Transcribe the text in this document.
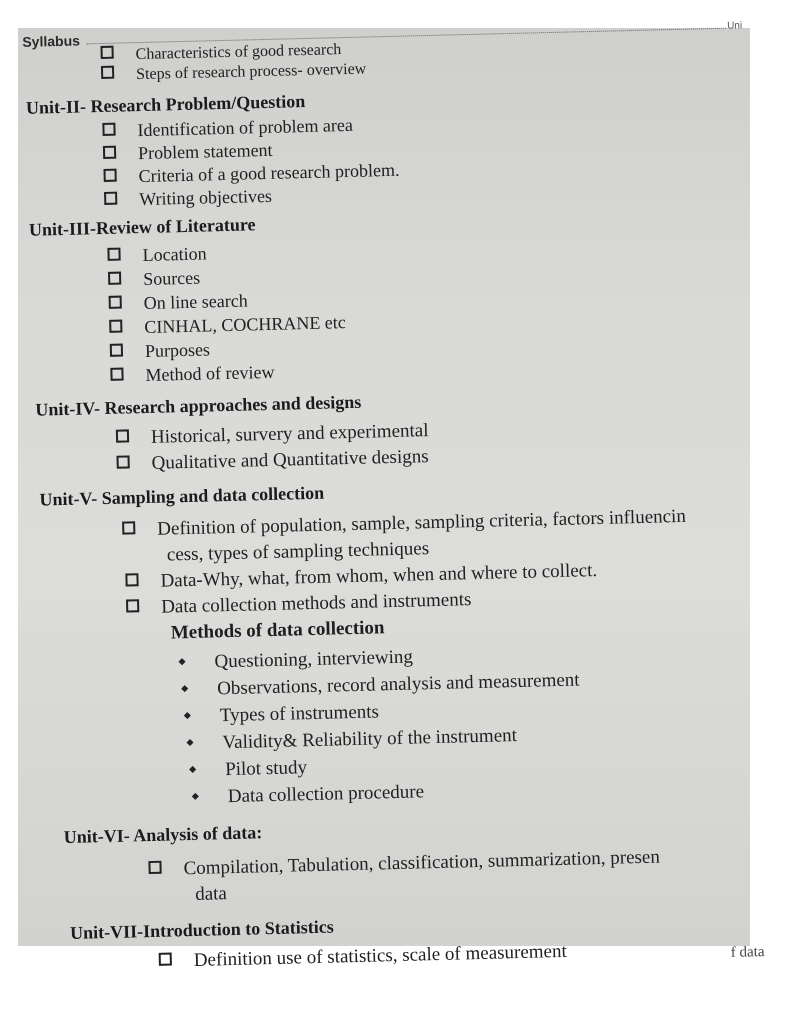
Syllabus
Uni
Characteristics of good research
Steps of research process- overview
Unit-II- Research Problem/Question
Identification of problem area
Problem statement
Criteria of a good research problem.
Writing objectives
Unit-III-Review of Literature
Location
Sources
On line search
CINHAL, COCHRANE etc
Purposes
Method of review
Unit-IV- Research approaches and designs
Historical, survery and experimental
Qualitative and Quantitative designs
Unit-V- Sampling and data collection
Definition of population, sample, sampling criteria, factors influencin
cess, types of sampling techniques
Data-Why, what, from whom, when and where to collect.
Data collection methods and instruments
Methods of data collection
Questioning, interviewing
Observations, record analysis and measurement
Types of instruments
Validity& Reliability of the instrument
Pilot study
Data collection procedure
Unit-VI- Analysis of data:
Compilation, Tabulation, classification, summarization, presen
data
Unit-VII-Introduction to Statistics
Definition use of statistics, scale of measurement	f data
